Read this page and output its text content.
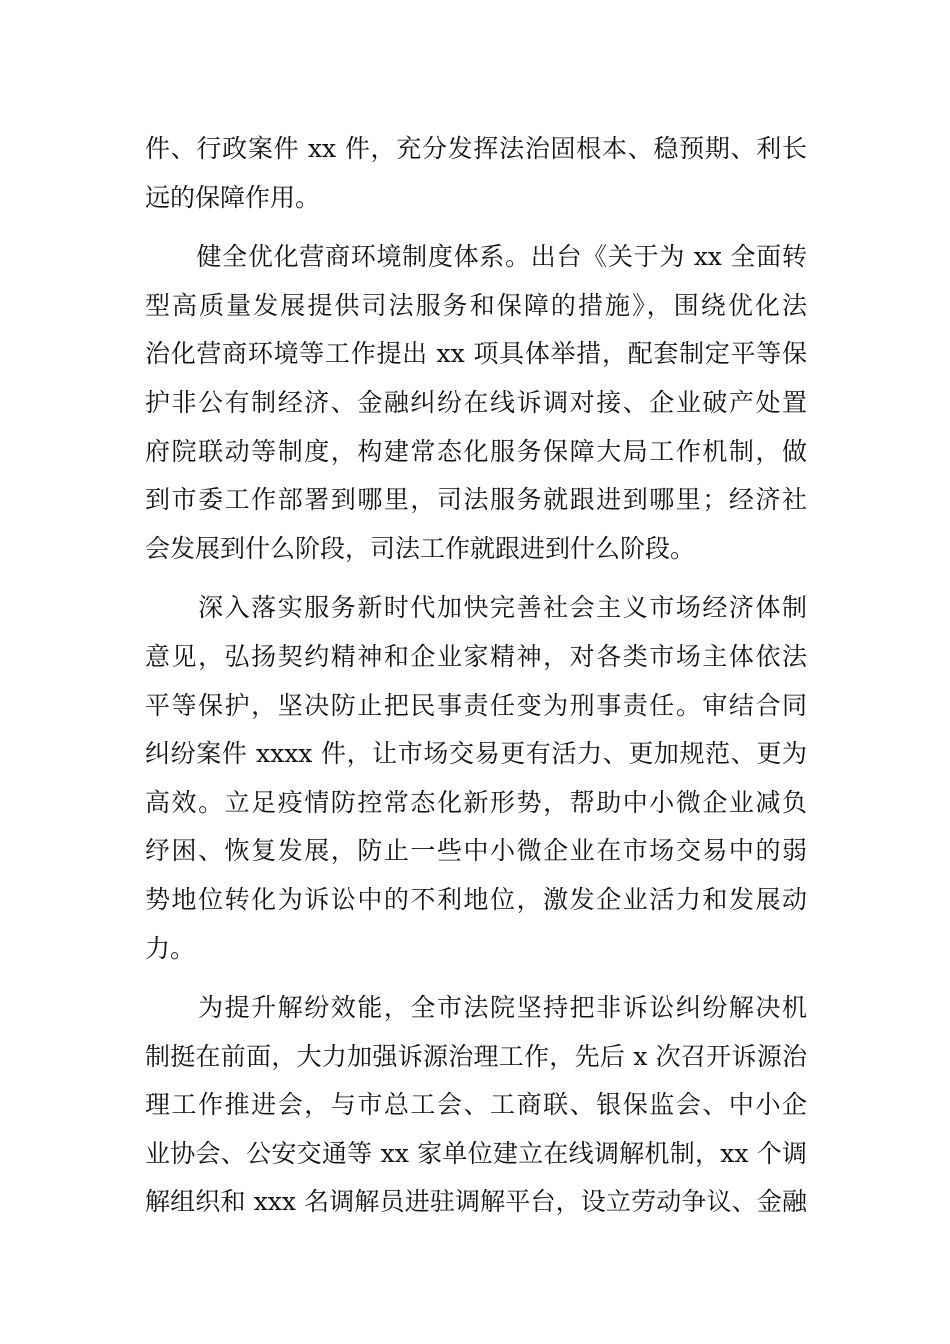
件、行政案件 xx 件，充分发挥法治固根本、稳预期、利长
远的保障作用。
　　健全优化营商环境制度体系。出台《关于为 xx 全面转
型高质量发展提供司法服务和保障的措施》，围绕优化法
治化营商环境等工作提出 xx 项具体举措，配套制定平等保
护非公有制经济、金融纠纷在线诉调对接、企业破产处置
府院联动等制度，构建常态化服务保障大局工作机制，做
到市委工作部署到哪里，司法服务就跟进到哪里；经济社
会发展到什么阶段，司法工作就跟进到什么阶段。
　　深入落实服务新时代加快完善社会主义市场经济体制
意见，弘扬契约精神和企业家精神，对各类市场主体依法
平等保护，坚决防止把民事责任变为刑事责任。审结合同
纠纷案件 xxxx 件，让市场交易更有活力、更加规范、更为
高效。立足疫情防控常态化新形势，帮助中小微企业减负
纾困、恢复发展，防止一些中小微企业在市场交易中的弱
势地位转化为诉讼中的不利地位，激发企业活力和发展动
力。
　　为提升解纷效能，全市法院坚持把非诉讼纠纷解决机
制挺在前面，大力加强诉源治理工作，先后 x 次召开诉源治
理工作推进会，与市总工会、工商联、银保监会、中小企
业协会、公安交通等 xx 家单位建立在线调解机制，xx 个调
解组织和 xxx 名调解员进驻调解平台，设立劳动争议、金融
